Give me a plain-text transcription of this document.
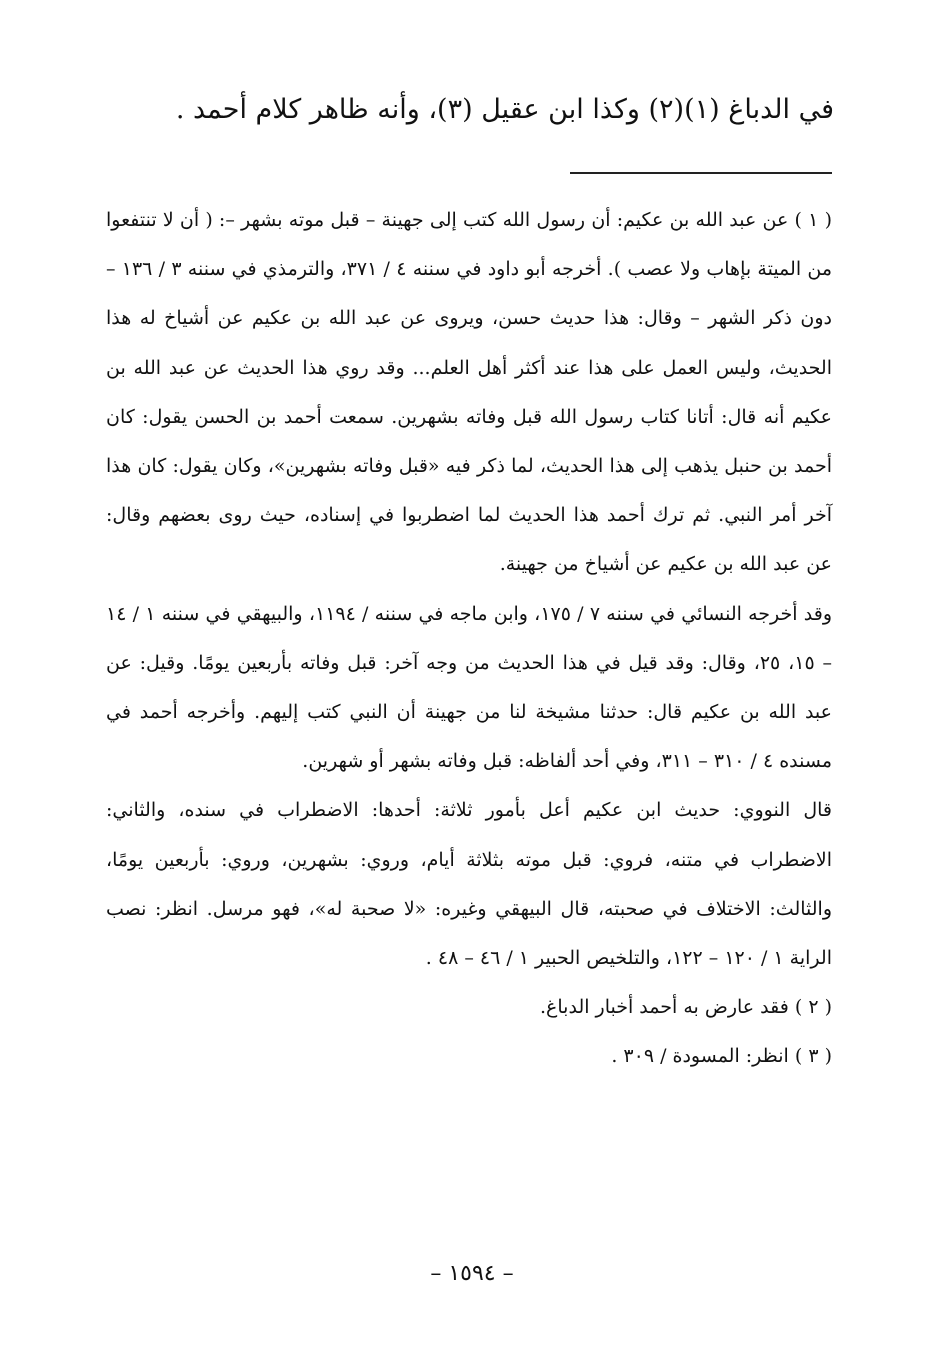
في الدباغ (١)(٢) وكذا ابن عقيل (٣)، وأنه ظاهر كلام أحمد .

( ١ ) عن عبد الله بن عكيم: أن رسول الله كتب إلى جهينة – قبل موته بشهر –: ( أن لا تنتفعوا من الميتة بإهاب ولا عصب ). أخرجه أبو داود في سننه ٤ / ٣٧١، والترمذي في سننه ٣ / ١٣٦ – دون ذكر الشهر – وقال: هذا حديث حسن، ويروى عن عبد الله بن عكيم عن أشياخ له هذا الحديث، وليس العمل على هذا عند أكثر أهل العلم... وقد روي هذا الحديث عن عبد الله بن عكيم أنه قال: أتانا كتاب رسول الله قبل وفاته بشهرين. سمعت أحمد بن الحسن يقول: كان أحمد بن حنبل يذهب إلى هذا الحديث، لما ذكر فيه «قبل وفاته بشهرين»، وكان يقول: كان هذا آخر أمر النبي. ثم ترك أحمد هذا الحديث لما اضطربوا في إسناده، حيث روى بعضهم وقال: عن عبد الله بن عكيم عن أشياخ من جهينة.

وقد أخرجه النسائي في سننه ٧ / ١٧٥، وابن ماجه في سننه / ١١٩٤، والبيهقي في سننه ١ / ١٤ – ١٥، ٢٥، وقال: وقد قيل في هذا الحديث من وجه آخر: قبل وفاته بأربعين يومًا. وقيل: عن عبد الله بن عكيم قال: حدثنا مشيخة لنا من جهينة أن النبي كتب إليهم. وأخرجه أحمد في مسنده ٤ / ٣١٠ – ٣١١، وفي أحد ألفاظه: قبل وفاته بشهر أو شهرين.

قال النووي: حديث ابن عكيم أعل بأمور ثلاثة: أحدها: الاضطراب في سنده، والثاني: الاضطراب في متنه، فروي: قبل موته بثلاثة أيام، وروي: بشهرين، وروي: بأربعين يومًا، والثالث: الاختلاف في صحبته، قال البيهقي وغيره: «لا صحبة له»، فهو مرسل. انظر: نصب الراية ١ / ١٢٠ – ١٢٢، والتلخيص الحبير ١ / ٤٦ – ٤٨ .

( ٢ ) فقد عارض به أحمد أخبار الدباغ.

( ٣ ) انظر: المسودة / ٣٠٩ .

– ١٥٩٤ –
